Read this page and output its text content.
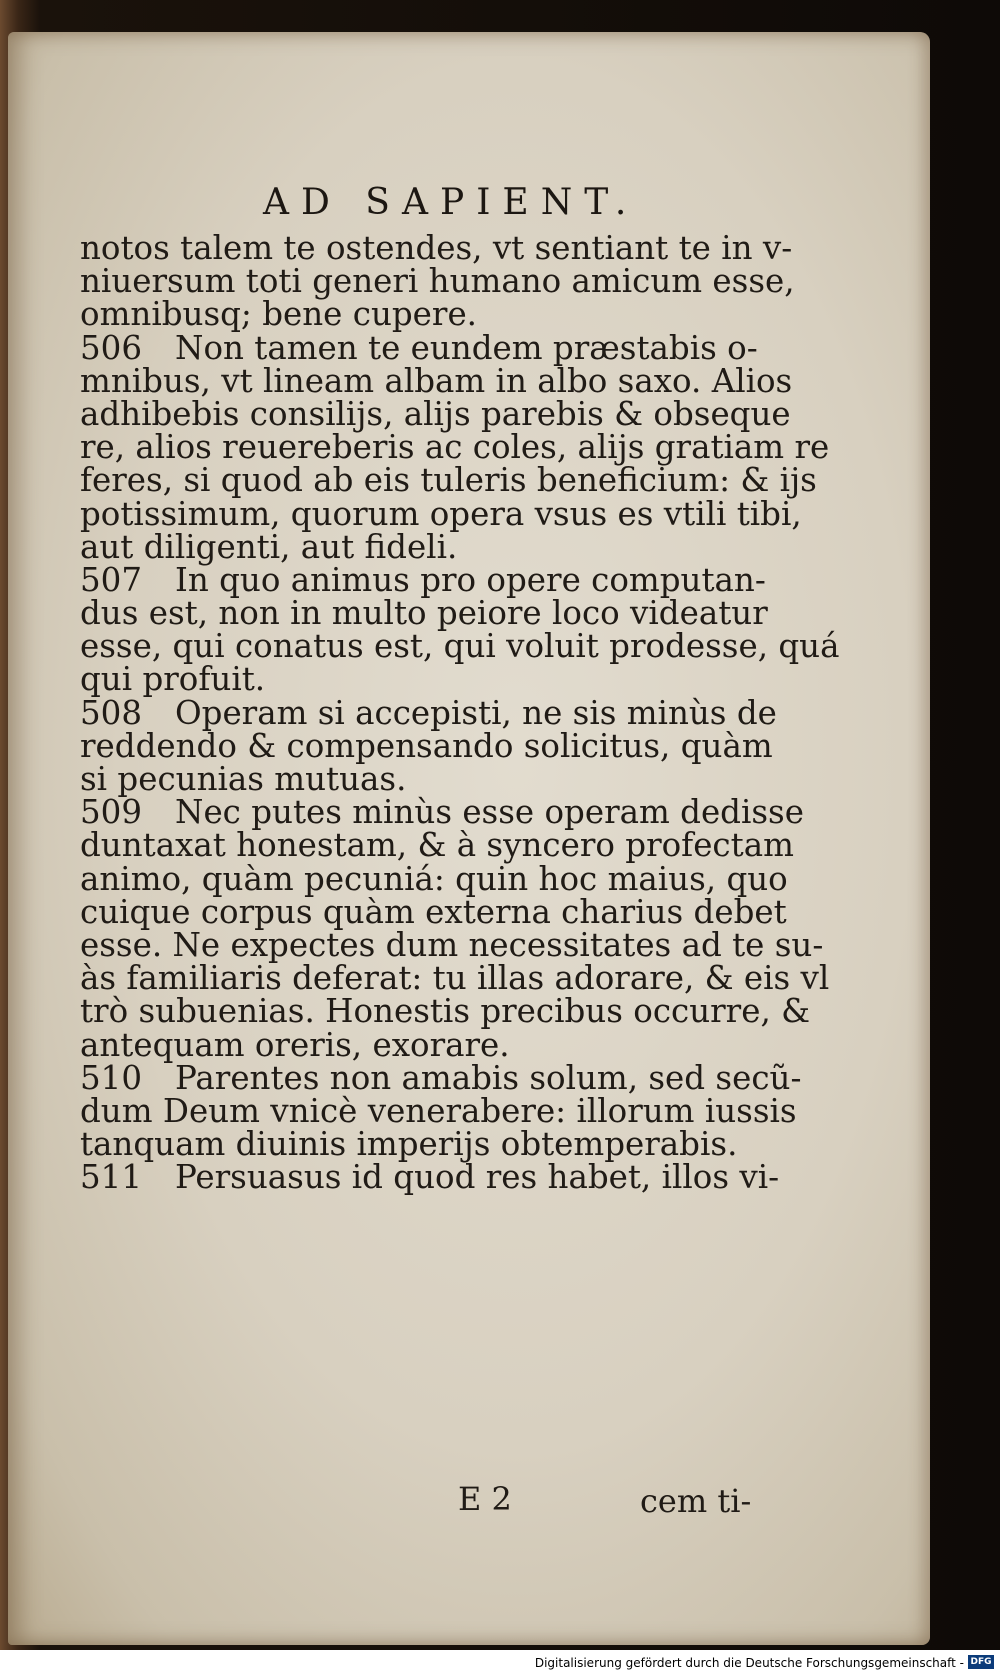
AD SAPIENT.
notos talem te ostendes, vt sentiant te in v-
niuersum toti generi humano amicum esse,
omnibusq; bene cupere.
506 Non tamen te eundem præstabis o-
mnibus, vt lineam albam in albo saxo. Alios
adhibebis consilijs, alijs parebis & obseque
re, alios reuereberis ac coles, alijs gratiam re
feres, si quod ab eis tuleris beneficium: & ijs
potissimum, quorum opera vsus es vtili tibi,
aut diligenti, aut fideli.
507 In quo animus pro opere computan-
dus est, non in multo peiore loco videatur
esse, qui conatus est, qui voluit prodesse, quá
qui profuit.
508 Operam si accepisti, ne sis minùs de
reddendo & compensando solicitus, quàm
si pecunias mutuas.
509 Nec putes minùs esse operam dedisse
duntaxat honestam, & à syncero profectam
animo, quàm pecuniá: quin hoc maius, quo
cuique corpus quàm externa charius debet
esse. Ne expectes dum necessitates ad te su-
às familiaris deferat: tu illas adorare, & eis vl
trò subuenias. Honestis precibus occurre, &
antequam oreris, exorare.
510 Parentes non amabis solum, sed secũ-
dum Deum vnicè venerabere: illorum iussis
tanquam diuinis imperijs obtemperabis.
511 Persuasus id quod res habet, illos vi-
E 2	cem ti-
Digitalisierung gefördert durch die Deutsche Forschungsgemeinschaft - DFG
